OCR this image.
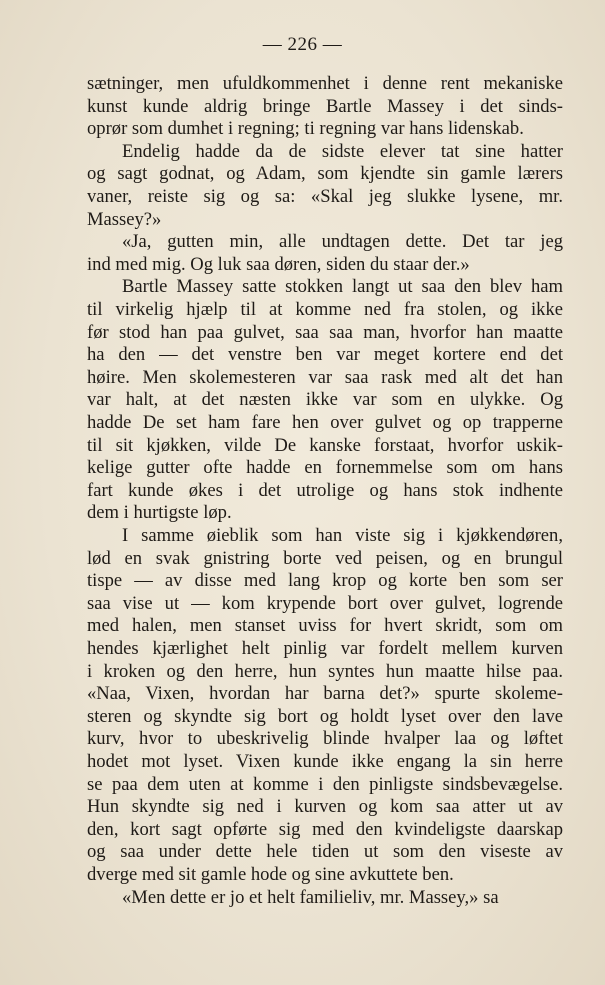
— 226 —
sætninger, men ufuldkommenhet i denne rent mekaniske
kunst kunde aldrig bringe Bartle Massey i det sinds-
oprør som dumhet i regning; ti regning var hans lidenskab.
Endelig hadde da de sidste elever tat sine hatter
og sagt godnat, og Adam, som kjendte sin gamle lærers
vaner, reiste sig og sa: «Skal jeg slukke lysene, mr.
Massey?»
«Ja, gutten min, alle undtagen dette. Det tar jeg
ind med mig. Og luk saa døren, siden du staar der.»
Bartle Massey satte stokken langt ut saa den blev ham
til virkelig hjælp til at komme ned fra stolen, og ikke
før stod han paa gulvet, saa saa man, hvorfor han maatte
ha den — det venstre ben var meget kortere end det
høire. Men skolemesteren var saa rask med alt det han
var halt, at det næsten ikke var som en ulykke. Og
hadde De set ham fare hen over gulvet og op trapperne
til sit kjøkken, vilde De kanske forstaat, hvorfor uskik-
kelige gutter ofte hadde en fornemmelse som om hans
fart kunde økes i det utrolige og hans stok indhente
dem i hurtigste løp.
I samme øieblik som han viste sig i kjøkkendøren,
lød en svak gnistring borte ved peisen, og en brungul
tispe — av disse med lang krop og korte ben som ser
saa vise ut — kom krypende bort over gulvet, logrende
med halen, men stanset uviss for hvert skridt, som om
hendes kjærlighet helt pinlig var fordelt mellem kurven
i kroken og den herre, hun syntes hun maatte hilse paa.
«Naa, Vixen, hvordan har barna det?» spurte skoleme-
steren og skyndte sig bort og holdt lyset over den lave
kurv, hvor to ubeskrivelig blinde hvalper laa og løftet
hodet mot lyset. Vixen kunde ikke engang la sin herre
se paa dem uten at komme i den pinligste sindsbevægelse.
Hun skyndte sig ned i kurven og kom saa atter ut av
den, kort sagt opførte sig med den kvindeligste daarskap
og saa under dette hele tiden ut som den viseste av
dverge med sit gamle hode og sine avkuttete ben.
«Men dette er jo et helt familieliv, mr. Massey,» sa
